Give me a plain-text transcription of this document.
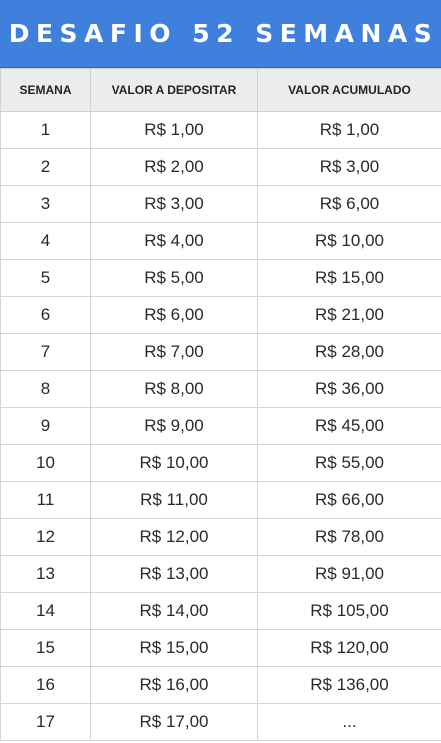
DESAFIO 52 SEMANAS
SEMANA	VALOR A DEPOSITAR	VALOR ACUMULADO
1	R$ 1,00	R$ 1,00
2	R$ 2,00	R$ 3,00
3	R$ 3,00	R$ 6,00
4	R$ 4,00	R$ 10,00
5	R$ 5,00	R$ 15,00
6	R$ 6,00	R$ 21,00
7	R$ 7,00	R$ 28,00
8	R$ 8,00	R$ 36,00
9	R$ 9,00	R$ 45,00
10	R$ 10,00	R$ 55,00
11	R$ 11,00	R$ 66,00
12	R$ 12,00	R$ 78,00
13	R$ 13,00	R$ 91,00
14	R$ 14,00	R$ 105,00
15	R$ 15,00	R$ 120,00
16	R$ 16,00	R$ 136,00
17	R$ 17,00	...
